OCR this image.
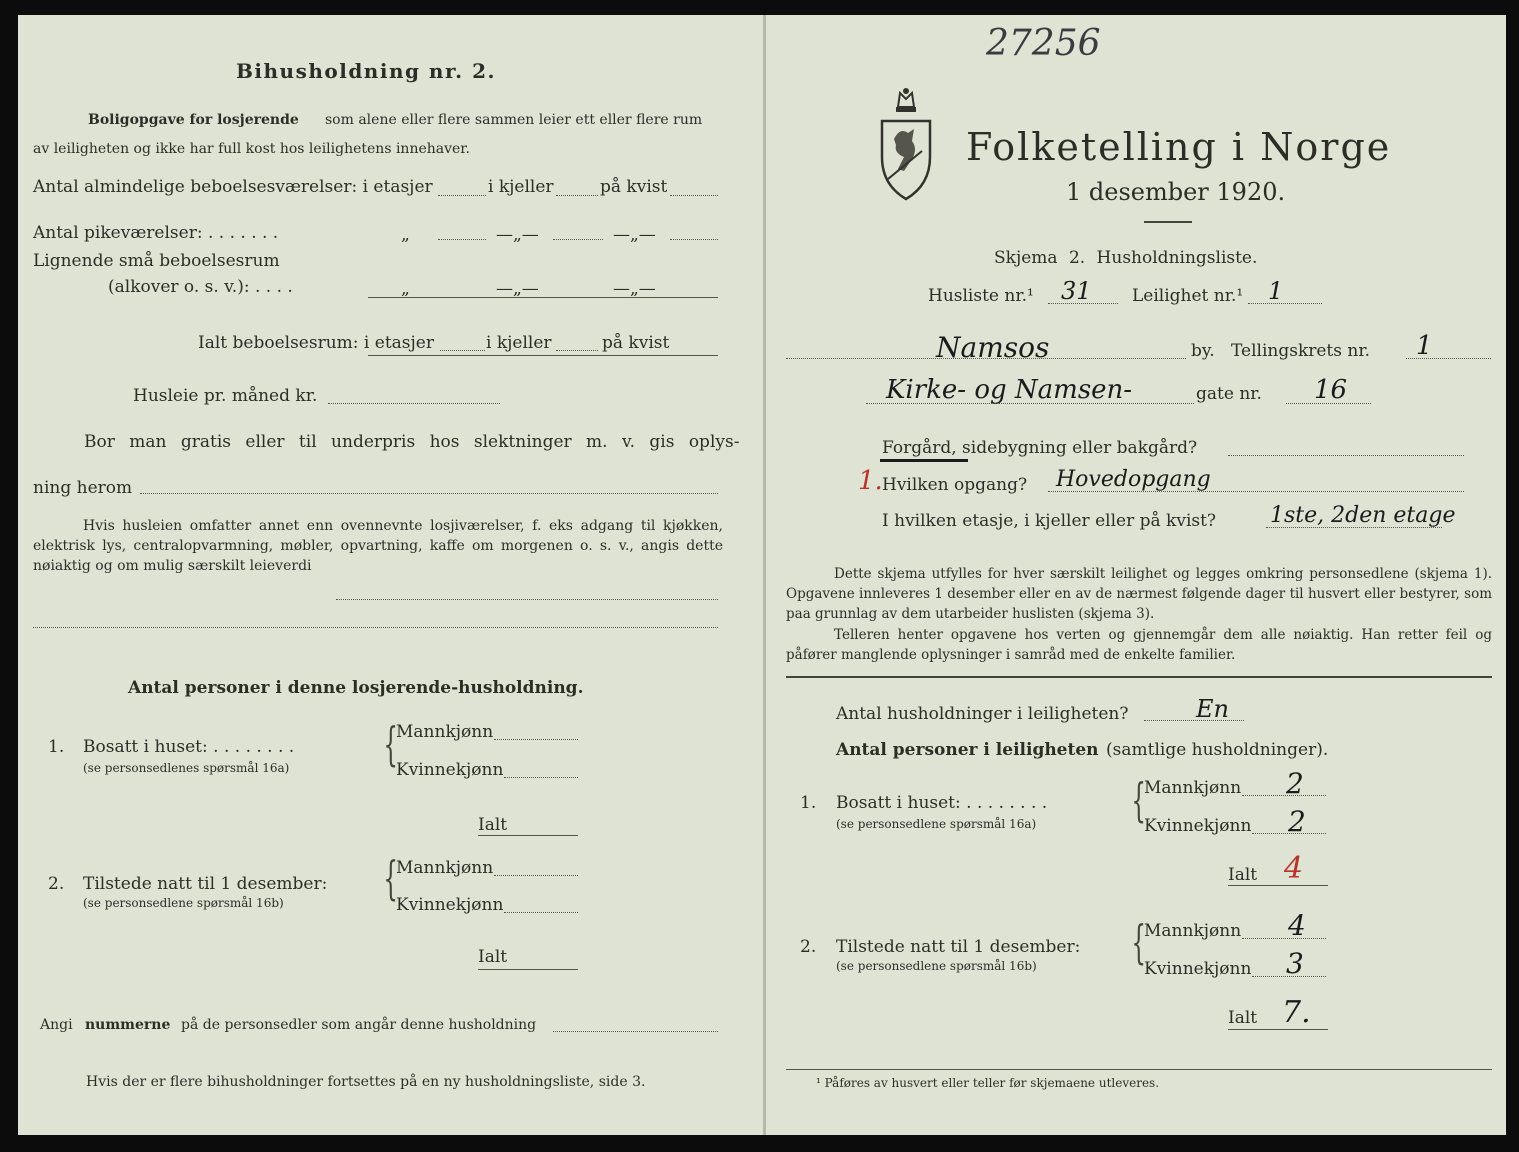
Bihusholdning nr. 2.
Boligopgave for losjerende som alene eller flere sammen leier ett eller flere rum
av leiligheten og ikke har full kost hos leilighetens innehaver.
Antal almindelige beboelsesværelser: i etasjer	i kjeller	på kvist
Antal pikeværelser: . . . . . . .	„	—„—	—„—
Lignende små beboelsesrum
(alkover o. s. v.): . . . .	„	—„—	—„—
Ialt beboelsesrum: i etasjer	i kjeller	på kvist
Husleie pr. måned kr.
Bor man gratis eller til underpris hos slektninger m. v. gis oplys-
ning herom
Hvis husleien omfatter annet enn ovennevnte losjiværelser, f. eks adgang til kjøkken, elektrisk lys, centralopvarmning, møbler, opvartning, kaffe om morgenen o. s. v., angis dette nøiaktig og om mulig særskilt leieverdi
Antal personer i denne losjerende-husholdning.
1. Bosatt i huset: . . . . . . . .
(se personsedlenes spørsmål 16a) {
Mannkjønn
Kvinnekjønn
Ialt
2. Tilstede natt til 1 desember:
(se personsedlene spørsmål 16b) {
Mannkjønn
Kvinnekjønn
Ialt
Angi nummerne på de personsedler som angår denne husholdning
Hvis der er flere bihusholdninger fortsettes på en ny husholdningsliste, side 3.
27256
Folketelling i Norge
1 desember 1920.
Skjema 2. Husholdningsliste.
Husliste nr.¹ 31 Leilighet nr.¹ 1
Namsos	by. Tellingskrets nr. 1
Kirke- og Namsen-	gate nr. 16
Forgård, sidebygning eller bakgård?
1. Hvilken opgang? Hovedopgang
I hvilken etasje, i kjeller eller på kvist? 1ste, 2den etage
Dette skjema utfylles for hver særskilt leilighet og legges omkring personsedlene (skjema 1). Opgavene innleveres 1 desember eller en av de nærmest følgende dager til husvert eller bestyrer, som paa grunnlag av dem utarbeider huslisten (skjema 3).
Telleren henter opgavene hos verten og gjennemgår dem alle nøiaktig. Han retter feil og påfører manglende oplysninger i samråd med de enkelte familier.
Antal husholdninger i leiligheten?	En
Antal personer i leiligheten (samtlige husholdninger).
1. Bosatt i huset: . . . . . . . .
(se personsedlene spørsmål 16a) {
Mannkjønn 2
Kvinnekjønn 2
Ialt 4
2. Tilstede natt til 1 desember:
(se personsedlene spørsmål 16b) {
Mannkjønn 4
Kvinnekjønn 3
Ialt 7.
¹ Påføres av husvert eller teller før skjemaene utleveres.
